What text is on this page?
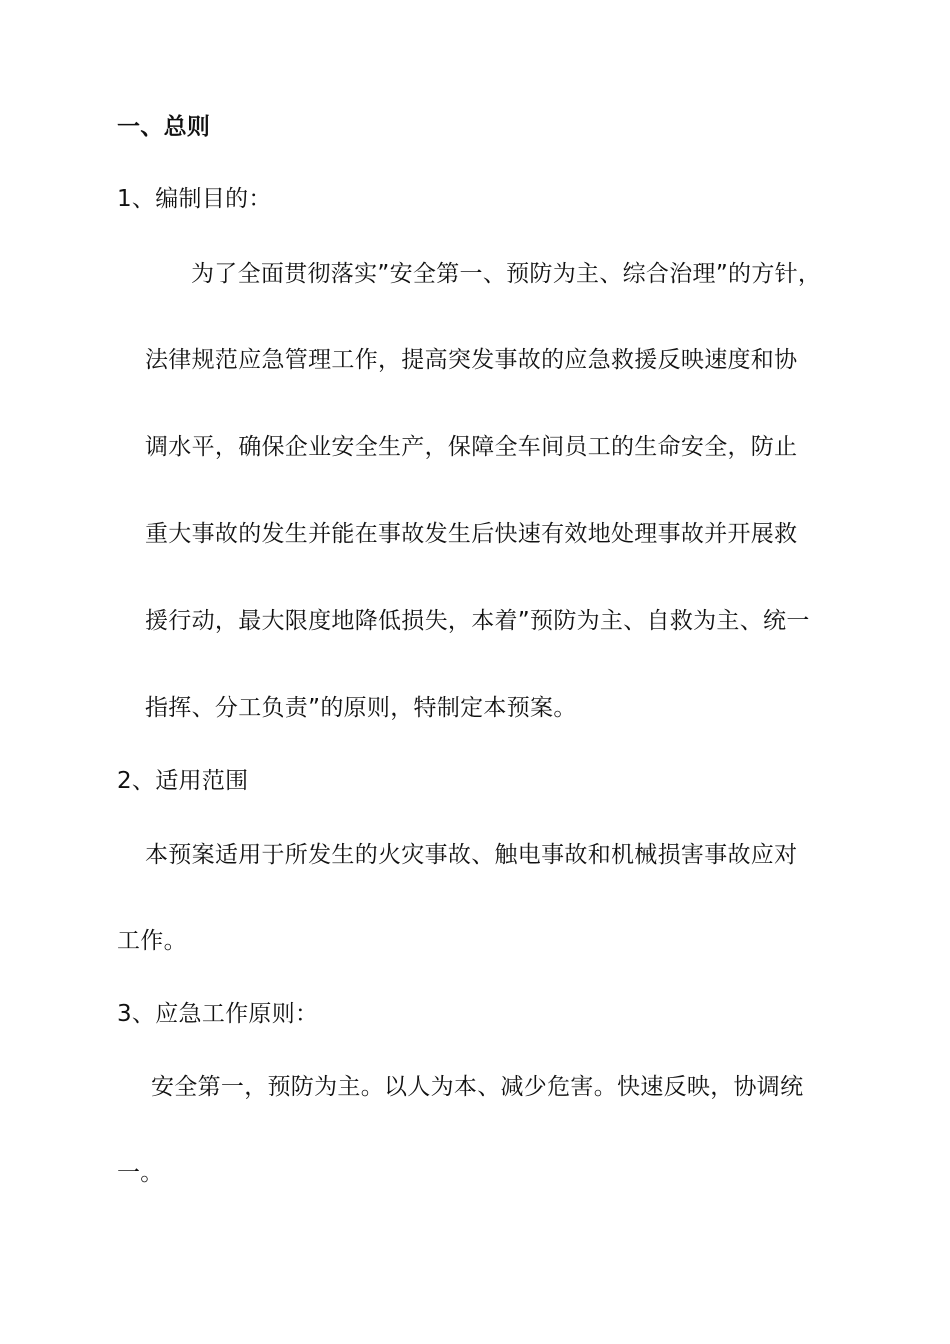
一、总则
1、编制目的：
为了全面贯彻落实”安全第一、预防为主、综合治理”的方针，
法律规范应急管理工作，提高突发事故的应急救援反映速度和协
调水平，确保企业安全生产，保障全车间员工的生命安全，防止
重大事故的发生并能在事故发生后快速有效地处理事故并开展救
援行动，最大限度地降低损失，本着”预防为主、自救为主、统一
指挥、分工负责”的原则，特制定本预案。
2、适用范围
本预案适用于所发生的火灾事故、触电事故和机械损害事故应对
工作。
3、应急工作原则：
安全第一，预防为主。以人为本、减少危害。快速反映，协调统
一。
